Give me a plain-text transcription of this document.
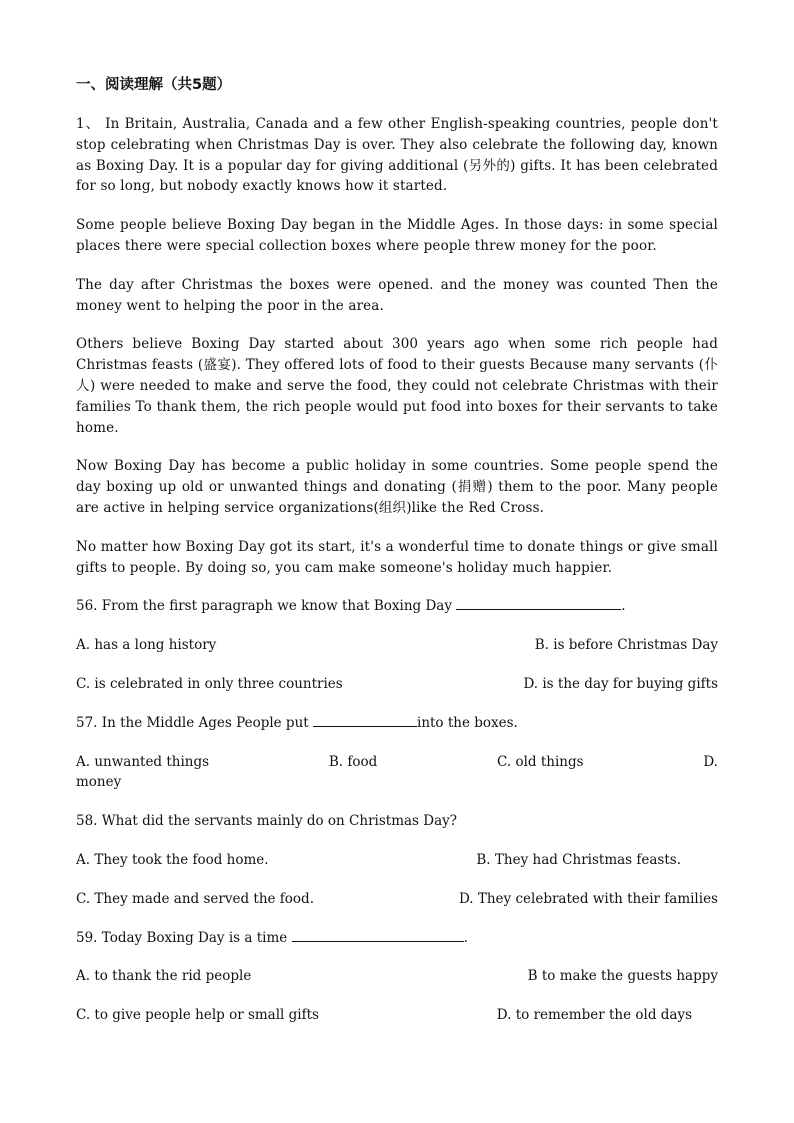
一、阅读理解（共5题）
1、 In Britain, Australia, Canada and a few other English-speaking countries, people don't stop celebrating when Christmas Day is over. They also celebrate the following day, known as Boxing Day. It is a popular day for giving additional (另外的) gifts. It has been celebrated for so long, but nobody exactly knows how it started.
Some people believe Boxing Day began in the Middle Ages. In those days: in some special places there were special collection boxes where people threw money for the poor.
The day after Christmas the boxes were opened. and the money was counted Then the money went to helping the poor in the area.
Others believe Boxing Day started about 300 years ago when some rich people had Christmas feasts (盛宴). They offered lots of food to their guests Because many servants (仆人) were needed to make and serve the food, they could not celebrate Christmas with their families To thank them, the rich people would put food into boxes for their servants to take home.
Now Boxing Day has become a public holiday in some countries. Some people spend the day boxing up old or unwanted things and donating (捐赠) them to the poor. Many people are active in helping service organizations(组织)like the Red Cross.
No matter how Boxing Day got its start, it's a wonderful time to donate things or give small gifts to people. By doing so, you cam make someone's holiday much happier.
56. From the first paragraph we know that Boxing Day	.
A. has a long history	B. is before Christmas Day
C. is celebrated in only three countries	D. is the day for buying gifts
57. In the Middle Ages People put	into the boxes.
A. unwanted things	B. food	C. old things	D.
money
58. What did the servants mainly do on Christmas Day?
A. They took the food home.	B. They had Christmas feasts.
C. They made and served the food.	D. They celebrated with their families
59. Today Boxing Day is a time	.
A. to thank the rid people	B to make the guests happy
C. to give people help or small gifts	D. to remember the old days
